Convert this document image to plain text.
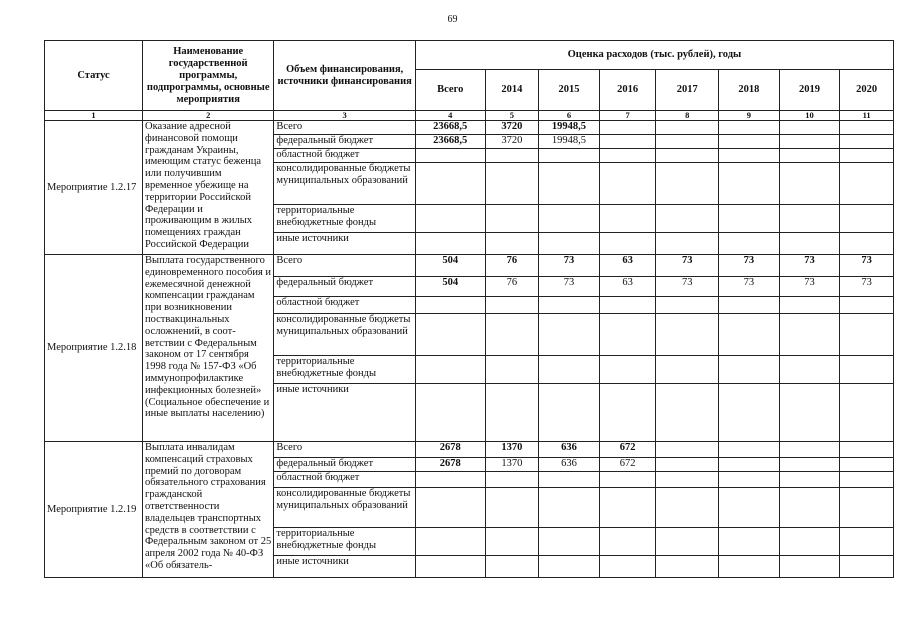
69
Статус	Наименование государственной программы, подпрограммы, основные мероприятия	Объем финансирования, источники финансирования	Оценка расходов (тыс. рублей), годы							
			Всего	2014	2015	2016	2017	2018	2019	2020
1	2	3	4	5	6	7	8	9	10	11
Мероприятие 1.2.17	Оказание адресной финансовой помощи гражданам Украины, имеющим статус беженца или получившим временное убежище на территории Российской Федерации и проживающим в жилых помещениях граждан Российской Федерации	Всего	23668,5	3720	19948,5					
		федеральный бюджет	23668,5	3720	19948,5					
		областной бюджет								
		консолидированные бюджеты муниципальных образований								
		территориальные внебюджетные фонды								
		иные источники								
Мероприятие 1.2.18	Выплата государственного единовременного пособия и ежемесячной денежной компенсации гражданам при возникновении поствакцинальных осложнений, в соот- ветствии с Федеральным законом от 17 сентября 1998 года № 157-ФЗ «Об иммунопрофилактике инфекционных болезней» (Социальное обеспечение и иные выплаты населению)	Всего	504	76	73	63	73	73	73	73
		федеральный бюджет	504	76	73	63	73	73	73	73
		областной бюджет								
		консолидированные бюджеты муниципальных образований								
		территориальные внебюджетные фонды								
		иные источники								
Мероприятие 1.2.19	Выплата инвалидам компенсаций страховых премий по договорам обязательного страхования гражданской ответственности владельцев транспортных средств в соответствии с Федеральным законом от 25 апреля 2002 года № 40-ФЗ «Об обязатель-	Всего	2678	1370	636	672				
		федеральный бюджет	2678	1370	636	672				
		областной бюджет								
		консолидированные бюджеты муниципальных образований								
		территориальные внебюджетные фонды								
		иные источники								
